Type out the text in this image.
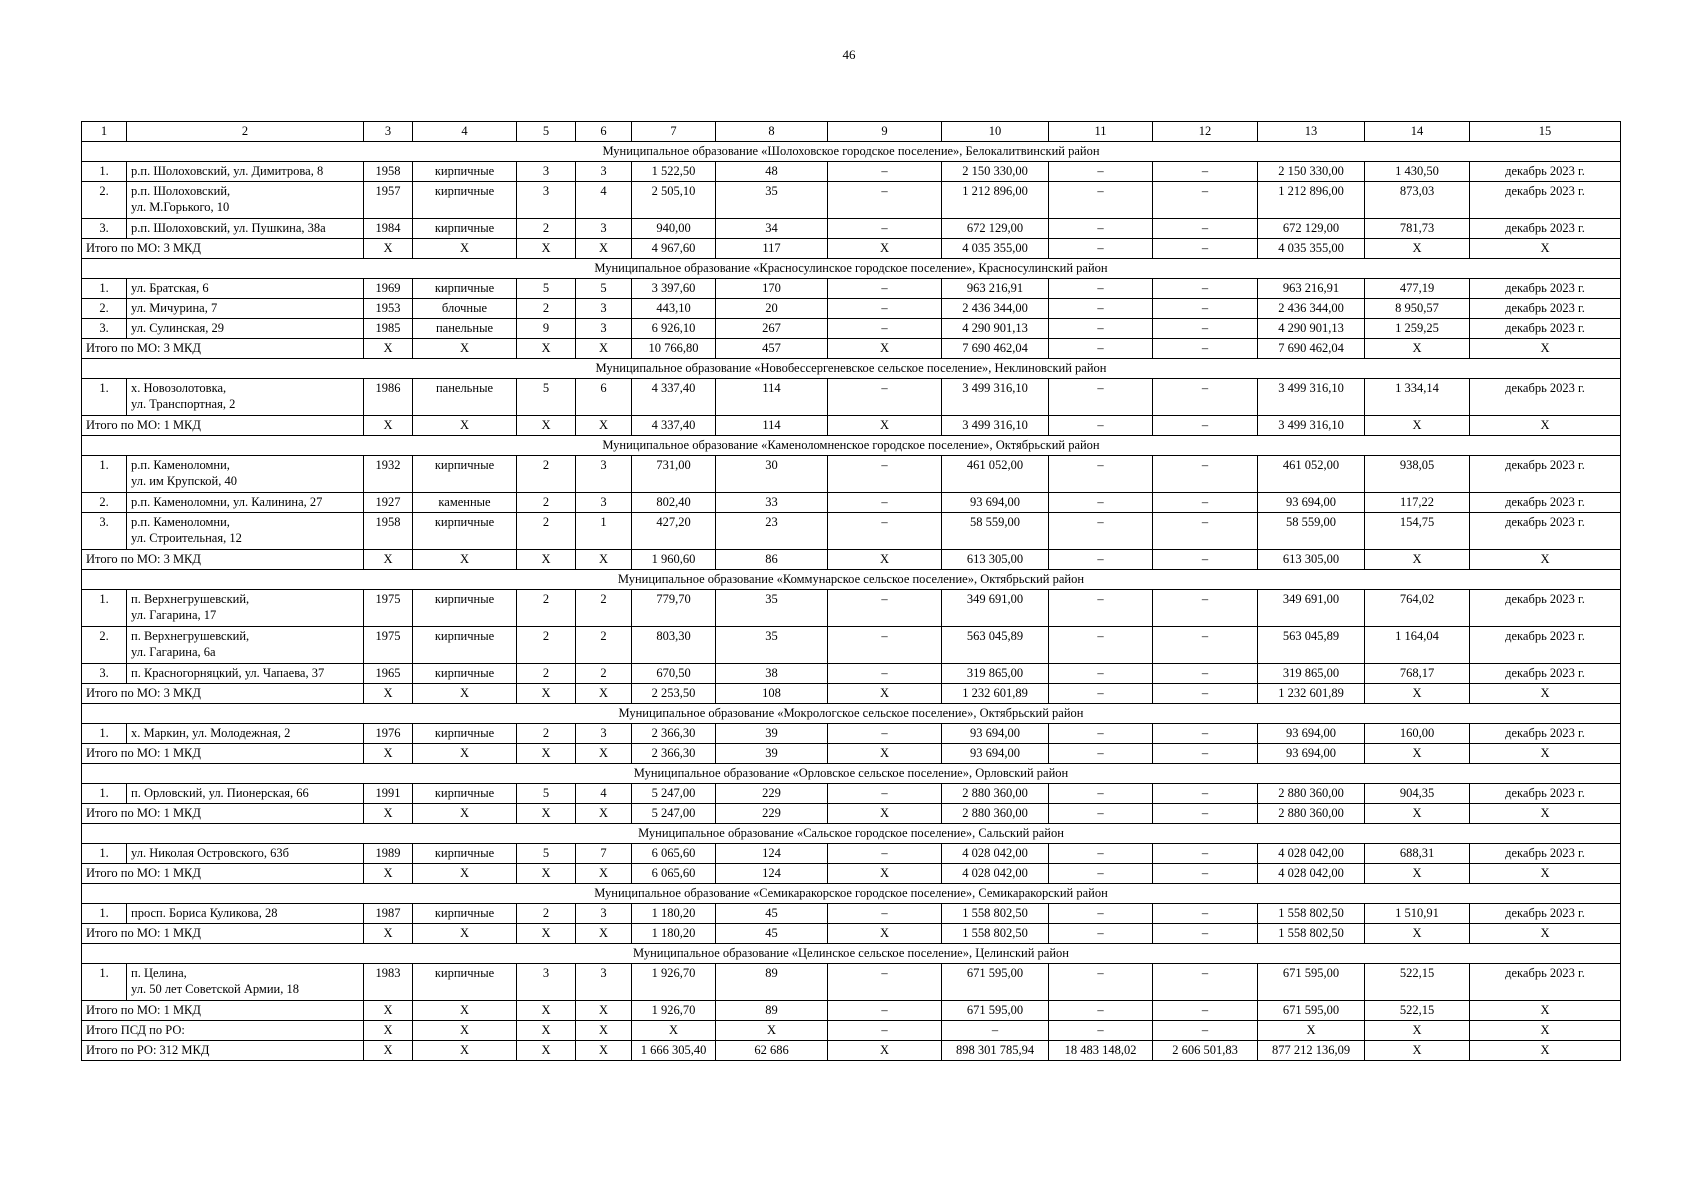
46
1	2	3	4	5	6	7	8	9	10	11	12	13	14	15
Муниципальное образование «Шолоховское городское поселение», Белокалитвинский район														
1.	р.п. Шолоховский, ул. Димитрова, 8	1958	кирпичные	3	3	1 522,50	48	–	2 150 330,00	–	–	2 150 330,00	1 430,50	декабрь 2023 г.
2.	р.п. Шолоховский,
ул. М.Горького, 10	1957	кирпичные	3	4	2 505,10	35	–	1 212 896,00	–	–	1 212 896,00	873,03	декабрь 2023 г.
3.	р.п. Шолоховский, ул. Пушкина, 38а	1984	кирпичные	2	3	940,00	34	–	672 129,00	–	–	672 129,00	781,73	декабрь 2023 г.
Итого по МО: 3 МКД		X	X	X	X	4 967,60	117	X	4 035 355,00	–	–	4 035 355,00	X	X
Муниципальное образование «Красносулинское городское поселение», Красносулинский район														
1.	ул. Братская, 6	1969	кирпичные	5	5	3 397,60	170	–	963 216,91	–	–	963 216,91	477,19	декабрь 2023 г.
2.	ул. Мичурина, 7	1953	блочные	2	3	443,10	20	–	2 436 344,00	–	–	2 436 344,00	8 950,57	декабрь 2023 г.
3.	ул. Сулинская, 29	1985	панельные	9	3	6 926,10	267	–	4 290 901,13	–	–	4 290 901,13	1 259,25	декабрь 2023 г.
Итого по МО: 3 МКД		X	X	X	X	10 766,80	457	X	7 690 462,04	–	–	7 690 462,04	X	X
Муниципальное образование «Новобессергеневское сельское поселение», Неклиновский район														
1.	х. Новозолотовка,
ул. Транспортная, 2	1986	панельные	5	6	4 337,40	114	–	3 499 316,10	–	–	3 499 316,10	1 334,14	декабрь 2023 г.
Итого по МО: 1 МКД		X	X	X	X	4 337,40	114	X	3 499 316,10	–	–	3 499 316,10	X	X
Муниципальное образование «Каменоломненское городское поселение», Октябрьский район														
1.	р.п. Каменоломни,
ул. им Крупской, 40	1932	кирпичные	2	3	731,00	30	–	461 052,00	–	–	461 052,00	938,05	декабрь 2023 г.
2.	р.п. Каменоломни, ул. Калинина, 27	1927	каменные	2	3	802,40	33	–	93 694,00	–	–	93 694,00	117,22	декабрь 2023 г.
3.	р.п. Каменоломни,
ул. Строительная, 12	1958	кирпичные	2	1	427,20	23	–	58 559,00	–	–	58 559,00	154,75	декабрь 2023 г.
Итого по МО: 3 МКД		X	X	X	X	1 960,60	86	X	613 305,00	–	–	613 305,00	X	X
Муниципальное образование «Коммунарское сельское поселение», Октябрьский район														
1.	п. Верхнегрушевский,
ул. Гагарина, 17	1975	кирпичные	2	2	779,70	35	–	349 691,00	–	–	349 691,00	764,02	декабрь 2023 г.
2.	п. Верхнегрушевский,
ул. Гагарина, 6а	1975	кирпичные	2	2	803,30	35	–	563 045,89	–	–	563 045,89	1 164,04	декабрь 2023 г.
3.	п. Красногорняцкий, ул. Чапаева, 37	1965	кирпичные	2	2	670,50	38	–	319 865,00	–	–	319 865,00	768,17	декабрь 2023 г.
Итого по МО: 3 МКД		X	X	X	X	2 253,50	108	X	1 232 601,89	–	–	1 232 601,89	X	X
Муниципальное образование «Мокрологское сельское поселение», Октябрьский район														
1.	х. Маркин, ул. Молодежная, 2	1976	кирпичные	2	3	2 366,30	39	–	93 694,00	–	–	93 694,00	160,00	декабрь 2023 г.
Итого по МО: 1 МКД		X	X	X	X	2 366,30	39	X	93 694,00	–	–	93 694,00	X	X
Муниципальное образование «Орловское сельское поселение», Орловский район														
1.	п. Орловский, ул. Пионерская, 66	1991	кирпичные	5	4	5 247,00	229	–	2 880 360,00	–	–	2 880 360,00	904,35	декабрь 2023 г.
Итого по МО: 1 МКД		X	X	X	X	5 247,00	229	X	2 880 360,00	–	–	2 880 360,00	X	X
Муниципальное образование «Сальское городское поселение», Сальский район														
1.	ул. Николая Островского, 63б	1989	кирпичные	5	7	6 065,60	124	–	4 028 042,00	–	–	4 028 042,00	688,31	декабрь 2023 г.
Итого по МО: 1 МКД		X	X	X	X	6 065,60	124	X	4 028 042,00	–	–	4 028 042,00	X	X
Муниципальное образование «Семикаракорское городское поселение», Семикаракорский район														
1.	просп. Бориса Куликова, 28	1987	кирпичные	2	3	1 180,20	45	–	1 558 802,50	–	–	1 558 802,50	1 510,91	декабрь 2023 г.
Итого по МО: 1 МКД		X	X	X	X	1 180,20	45	X	1 558 802,50	–	–	1 558 802,50	X	X
Муниципальное образование «Целинское сельское поселение», Целинский район														
1.	п. Целина,
ул. 50 лет Советской Армии, 18	1983	кирпичные	3	3	1 926,70	89	–	671 595,00	–	–	671 595,00	522,15	декабрь 2023 г.
Итого по МО: 1 МКД		X	X	X	X	1 926,70	89	–	671 595,00	–	–	671 595,00	522,15	X
Итого ПСД по РО:		X	X	X	X	X	X	–	–	–	–	X	X	X
Итого по РО: 312 МКД		X	X	X	X	1 666 305,40	62 686	X	898 301 785,94	18 483 148,02	2 606 501,83	877 212 136,09	X	X
